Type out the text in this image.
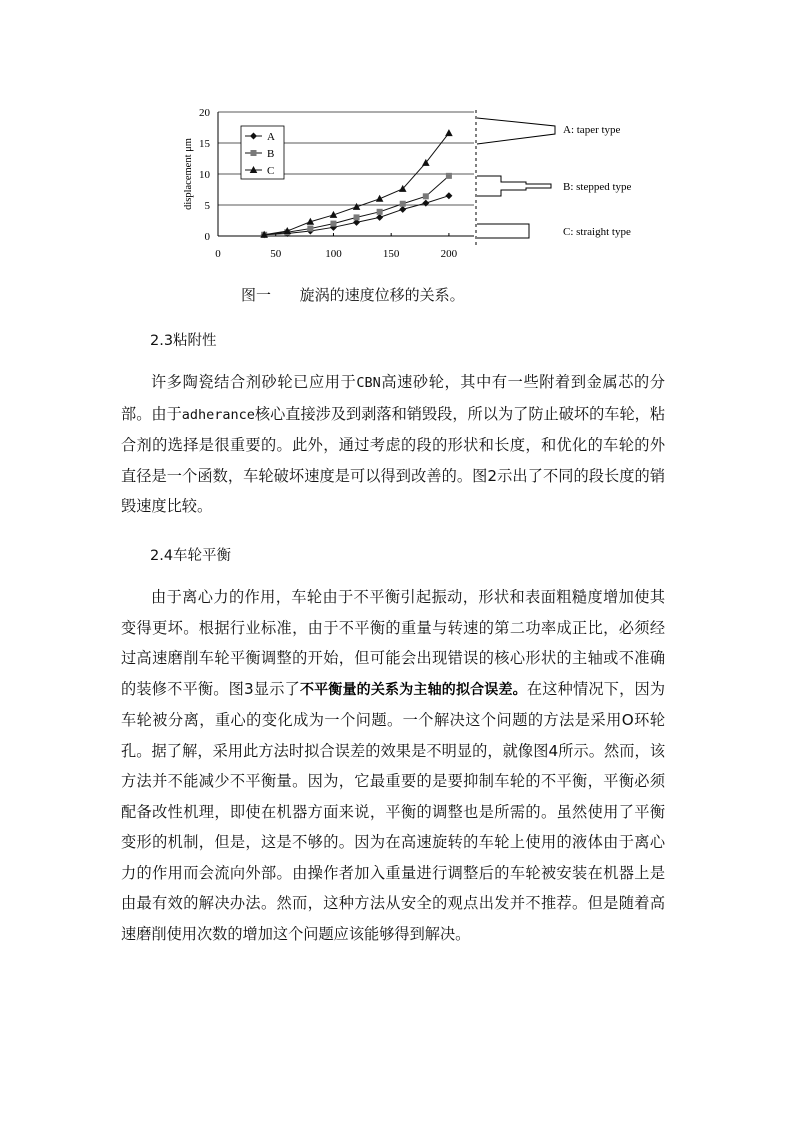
0
5
10
15
20
0	50	100	150	200
displacement μm
A
B
C
A: taper type
B: stepped type
C: straight type
图一      旋涡的速度位移的关系。
2.3粘附性

许多陶瓷结合剂砂轮已应用于CBN高速砂轮，其中有一些附着到金属芯的分部。由于adherance核心直接涉及到剥落和销毁段，所以为了防止破坏的车轮，粘合剂的选择是很重要的。此外，通过考虑的段的形状和长度，和优化的车轮的外直径是一个函数，车轮破坏速度是可以得到改善的。图2示出了不同的段长度的销毁速度比较。

2.4车轮平衡

由于离心力的作用，车轮由于不平衡引起振动，形状和表面粗糙度增加使其变得更坏。根据行业标准，由于不平衡的重量与转速的第二功率成正比，必须经过高速磨削车轮平衡调整的开始，但可能会出现错误的核心形状的主轴或不准确的装修不平衡。图3显示了不平衡量的关系为主轴的拟合误差。在这种情况下，因为车轮被分离，重心的变化成为一个问题。一个解决这个问题的方法是采用O环轮孔。据了解，采用此方法时拟合误差的效果是不明显的，就像图4所示。然而，该方法并不能减少不平衡量。因为，它最重要的是要抑制车轮的不平衡，平衡必须配备改性机理，即使在机器方面来说，平衡的调整也是所需的。虽然使用了平衡变形的机制，但是，这是不够的。因为在高速旋转的车轮上使用的液体由于离心力的作用而会流向外部。由操作者加入重量进行调整后的车轮被安装在机器上是由最有效的解决办法。然而，这种方法从安全的观点出发并不推荐。但是随着高速磨削使用次数的增加这个问题应该能够得到解决。
